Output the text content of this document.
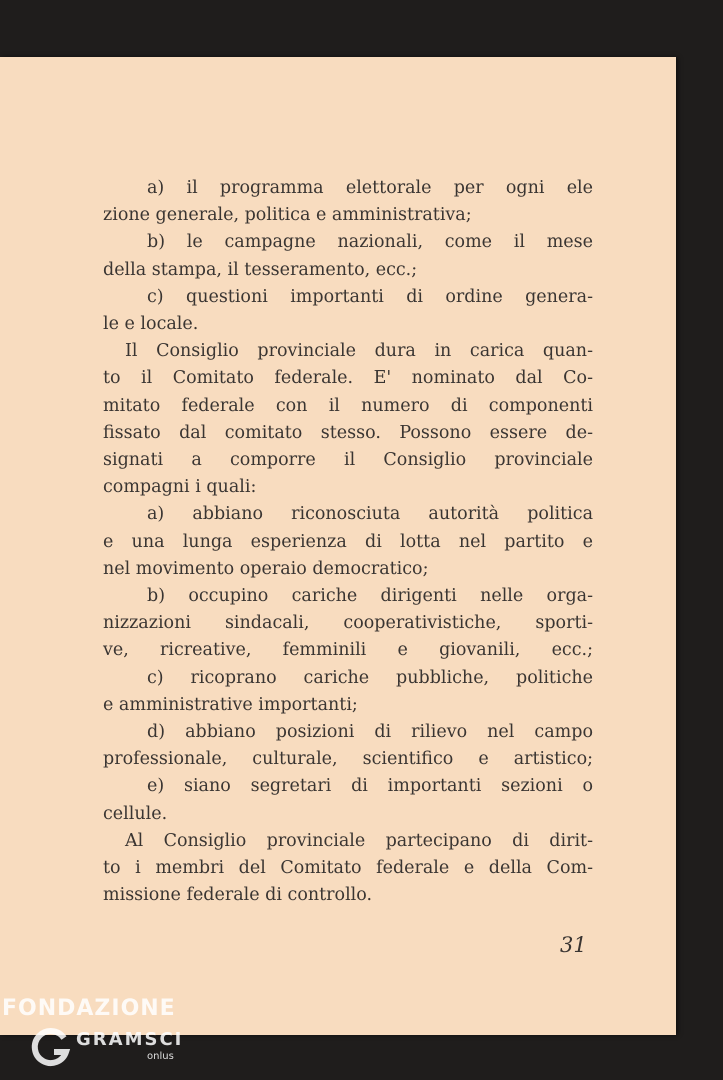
a) il programma elettorale per ogni ele
zione generale, politica e amministrativa;
b) le campagne nazionali, come il mese
della stampa, il tesseramento, ecc.;
c) questioni importanti di ordine genera-
le e locale.
Il Consiglio provinciale dura in carica quan-
to il Comitato federale. E' nominato dal Co-
mitato federale con il numero di componenti
fissato dal comitato stesso. Possono essere de-
signati a comporre il Consiglio provinciale
compagni i quali:
a) abbiano riconosciuta autorità politica
e una lunga esperienza di lotta nel partito e
nel movimento operaio democratico;
b) occupino cariche dirigenti nelle orga-
nizzazioni sindacali, cooperativistiche, sporti-
ve, ricreative, femminili e giovanili, ecc.;
c) ricoprano cariche pubbliche, politiche
e amministrative importanti;
d) abbiano posizioni di rilievo nel campo
professionale, culturale, scientifico e artistico;
e) siano segretari di importanti sezioni o
cellule.
Al Consiglio provinciale partecipano di dirit-
to i membri del Comitato federale e della Com-
missione federale di controllo.
31
FONDAZIONE
GRAMSCI
onlus
